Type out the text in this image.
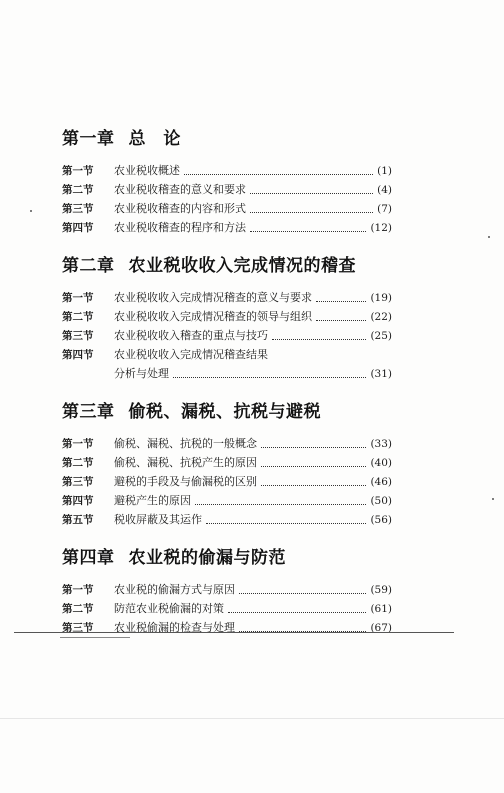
第一章 总 论
第一节	农业税收概述	(1)
第二节	农业税收稽查的意义和要求	(4)
第三节	农业税收稽查的内容和形式	(7)
第四节	农业税收稽查的程序和方法	(12)
第二章 农业税收收入完成情况的稽查
第一节	农业税收收入完成情况稽查的意义与要求	(19)
第二节	农业税收收入完成情况稽查的领导与组织	(22)
第三节	农业税收收入稽查的重点与技巧	(25)
第四节	农业税收收入完成情况稽查结果
分析与处理	(31)
第三章 偷税、漏税、抗税与避税
第一节	偷税、漏税、抗税的一般概念	(33)
第二节	偷税、漏税、抗税产生的原因	(40)
第三节	避税的手段及与偷漏税的区别	(46)
第四节	避税产生的原因	(50)
第五节	税收屏蔽及其运作	(56)
第四章 农业税的偷漏与防范
第一节	农业税的偷漏方式与原因	(59)
第二节	防范农业税偷漏的对策	(61)
第三节	农业税偷漏的检查与处理	(67)
